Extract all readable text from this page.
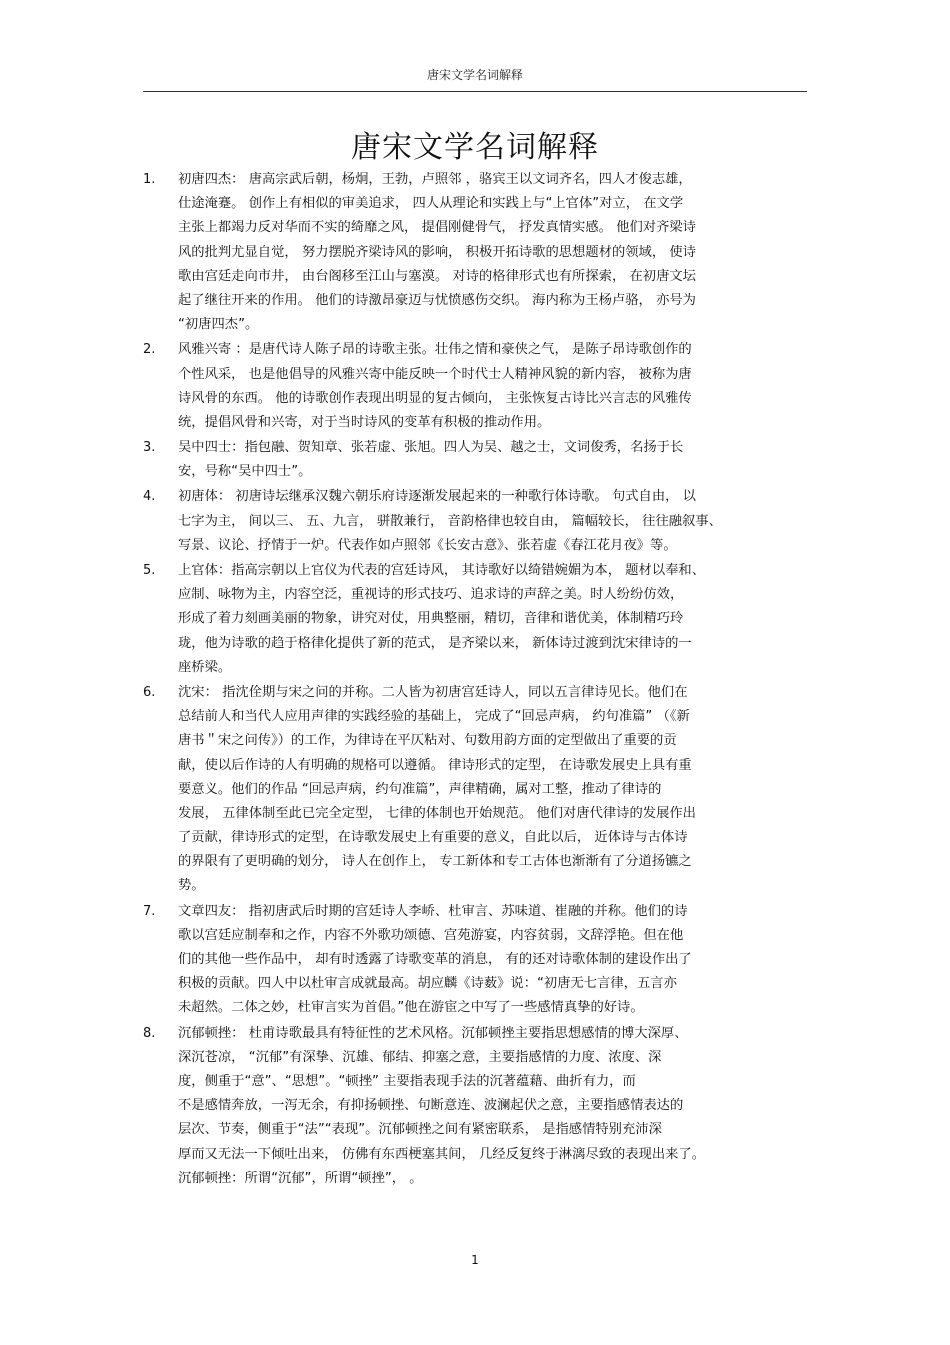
唐宋文学名词解释
唐宋文学名词解释
1. 初唐四杰： 唐高宗武后朝，杨炯，王勃，卢照邻 ，骆宾王以文词齐名，四人才俊志雄，
仕途淹蹇。 创作上有相似的审美追求， 四人从理论和实践上与“上官体”对立， 在文学
主张上都竭力反对华而不实的绮靡之风， 提倡刚健骨气， 抒发真情实感。 他们对齐梁诗
风的批判尤显自觉， 努力摆脱齐梁诗风的影响， 积极开拓诗歌的思想题材的领域， 使诗
歌由宫廷走向市井， 由台阁移至江山与塞漠。 对诗的格律形式也有所探索， 在初唐文坛
起了继往开来的作用。 他们的诗激昂豪迈与忧愤感伤交织。 海内称为王杨卢骆， 亦号为
“初唐四杰”。
2. 风雅兴寄 ：是唐代诗人陈子昂的诗歌主张。壮伟之情和豪侠之气， 是陈子昂诗歌创作的
个性风采， 也是他倡导的风雅兴寄中能反映一个时代士人精神风貌的新内容， 被称为唐
诗风骨的东西。 他的诗歌创作表现出明显的复古倾向， 主张恢复古诗比兴言志的风雅传
统，提倡风骨和兴寄，对于当时诗风的变革有积极的推动作用。
3. 吴中四士：指包融、贺知章、张若虚、张旭。四人为吴、越之士，文词俊秀，名扬于长
安，号称“吴中四士”。
4. 初唐体： 初唐诗坛继承汉魏六朝乐府诗逐渐发展起来的一种歌行体诗歌。 句式自由， 以
七字为主， 间以三、 五、九言， 骈散兼行， 音韵格律也较自由， 篇幅较长， 往往融叙事、
写景、议论、抒情于一炉。代表作如卢照邻《长安古意》、张若虚《春江花月夜》等。
5. 上官体：指高宗朝以上官仪为代表的宫廷诗风， 其诗歌好以绮错婉媚为本， 题材以奉和、
应制、咏物为主，内容空泛，重视诗的形式技巧、追求诗的声辞之美。时人纷纷仿效，
形成了着力刻画美丽的物象，讲究对仗，用典整丽，精切，音律和谐优美，体制精巧玲
珑，他为诗歌的趋于格律化提供了新的范式， 是齐梁以来， 新体诗过渡到沈宋律诗的一
座桥梁。
6. 沈宋： 指沈佺期与宋之问的并称。二人皆为初唐宫廷诗人，同以五言律诗见长。他们在
总结前人和当代人应用声律的实践经验的基础上， 完成了“回忌声病， 约句准篇” （《新
唐书＂宋之问传》）的工作，为律诗在平仄粘对、句数用韵方面的定型做出了重要的贡
献，使以后作诗的人有明确的规格可以遵循。 律诗形式的定型， 在诗歌发展史上具有重
要意义。他们的作品 “回忌声病，约句准篇”，声律精确，属对工整，推动了律诗的
发展， 五律体制至此已完全定型， 七律的体制也开始规范。 他们对唐代律诗的发展作出
了贡献，律诗形式的定型，在诗歌发展史上有重要的意义，自此以后， 近体诗与古体诗
的界限有了更明确的划分， 诗人在创作上， 专工新体和专工古体也渐渐有了分道扬镳之
势。
7. 文章四友： 指初唐武后时期的宫廷诗人李峤、杜审言、苏味道、崔融的并称。他们的诗
歌以宫廷应制奉和之作，内容不外歌功颂德、宫苑游宴，内容贫弱，文辞浮艳。但在他
们的其他一些作品中， 却有时透露了诗歌变革的消息， 有的还对诗歌体制的建设作出了
积极的贡献。四人中以杜审言成就最高。胡应麟《诗薮》说：“初唐无七言律，五言亦
未超然。二体之妙，杜审言实为首倡。”他在游宦之中写了一些感情真挚的好诗。
8. 沉郁顿挫： 杜甫诗歌最具有特征性的艺术风格。沉郁顿挫主要指思想感情的博大深厚、
深沉苍凉， “沉郁”有深挚、沉雄、郁结、抑塞之意，主要指感情的力度、浓度、深
度，侧重于“意”、“思想”。“顿挫” 主要指表现手法的沉著蕴藉、曲折有力，而
不是感情奔放，一泻无余，有抑扬顿挫、句断意连、波澜起伏之意，主要指感情表达的
层次、节奏，侧重于“法”“表现”。沉郁顿挫之间有紧密联系， 是指感情特别充沛深
厚而又无法一下倾吐出来， 仿佛有东西梗塞其间， 几经反复终于淋漓尽致的表现出来了。
沉郁顿挫：所谓“沉郁”，所谓“顿挫”， 。
1
